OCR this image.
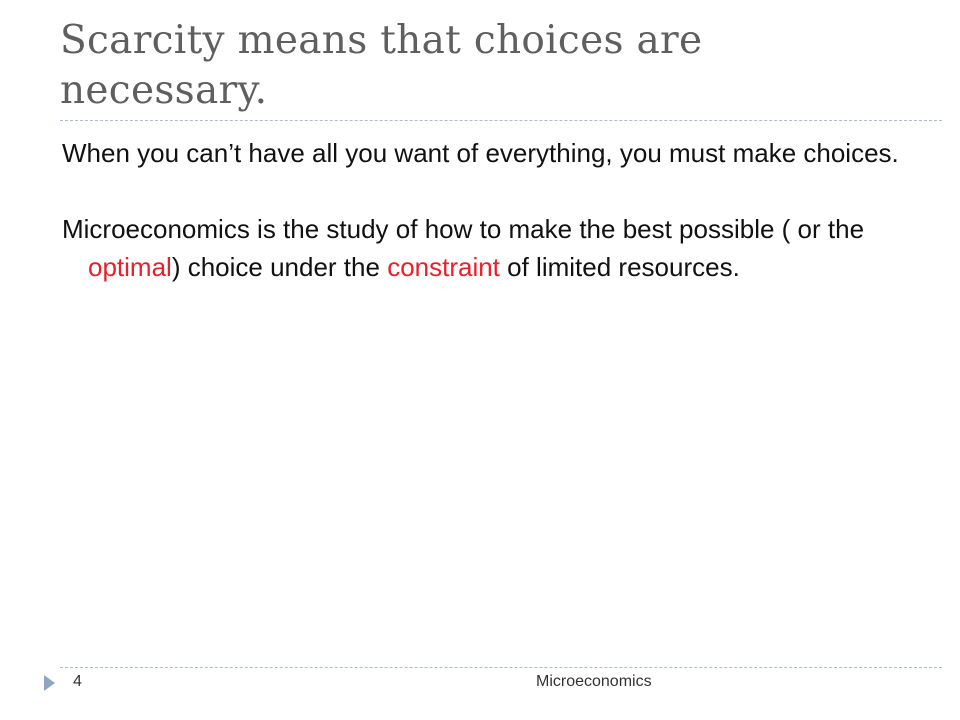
Scarcity means that choices are necessary.

When you can’t have all you want of everything, you must make choices.

Microeconomics is the study of how to make the best possible ( or the optimal) choice under the constraint of limited resources.

4	Microeconomics
